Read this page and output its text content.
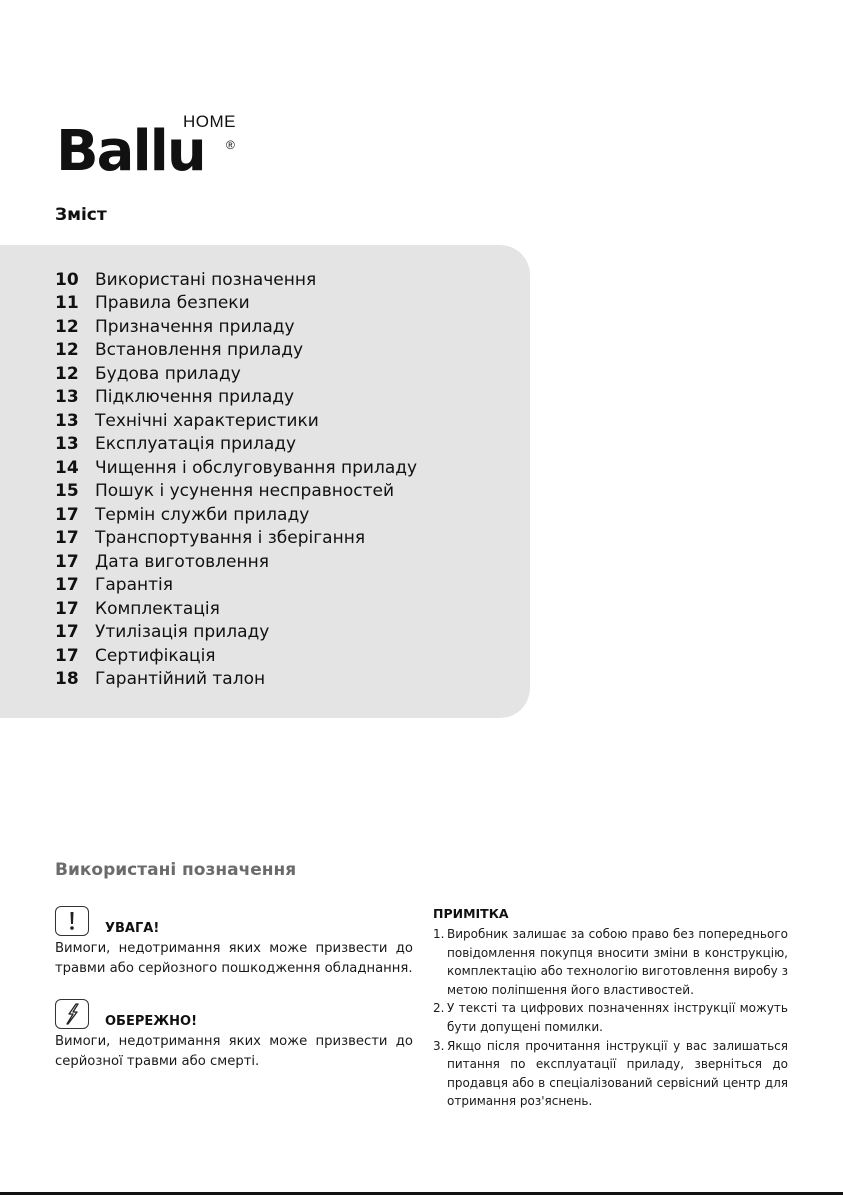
Ballu
HOME
®
Зміст
10 Використані позначення
11 Правила безпеки
12 Призначення приладу
12 Встановлення приладу
12 Будова приладу
13 Підключення приладу
13 Технічні характеристики
13 Експлуатація приладу
14 Чищення і обслуговування приладу
15 Пошук і усунення несправностей
17 Термін служби приладу
17 Транспортування і зберігання
17 Дата виготовлення
17 Гарантія
17 Комплектація
17 Утилізація приладу
17 Сертифікація
18 Гарантійний талон
Використані позначення
УВАГА!
Вимоги, недотримання яких може призвести до травми або серйозного пошкодження обладнання.
ОБЕРЕЖНО!
Вимоги, недотримання яких може призвести до серйозної травми або смерті.
ПРИМІТКА
1. Виробник залишає за собою право без попереднього повідомлення покупця вносити зміни в конструкцію, комплектацію або технологію виготовлення виробу з метою поліпшення його властивостей.
2. У тексті та цифрових позначеннях інструкції можуть бути допущені помилки.
3. Якщо після прочитання інструкції у вас залишаться питання по експлуатації приладу, зверніться до продавця або в спеціалізований сервісний центр для отримання роз'яснень.
